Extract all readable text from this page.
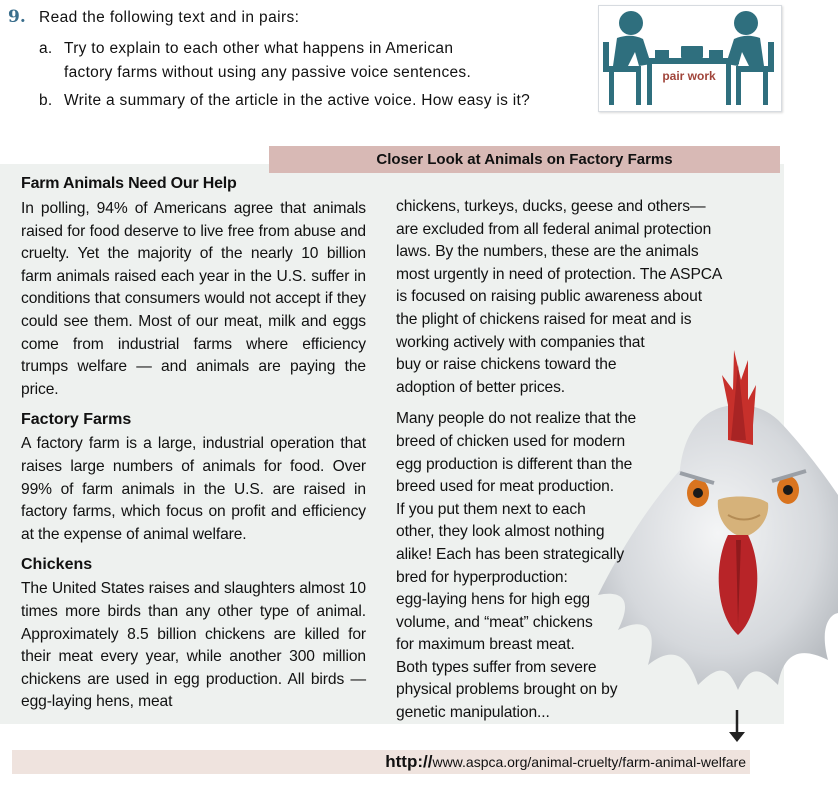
9. Read the following text and in pairs:
a. Try to explain to each other what happens in American
factory farms without using any passive voice sentences.
b. Write a summary of the article in the active voice. How easy is it?
pair work
Closer Look at Animals on Factory Farms
Farm Animals Need Our Help
In polling, 94% of Americans agree that animals raised for food deserve to live free from abuse and cruelty. Yet the majority of the nearly 10 billion farm animals raised each year in the U.S. suffer in conditions that consumers would not accept if they could see them. Most of our meat, milk and eggs come from industrial farms where efficiency trumps welfare — and animals are paying the price.
Factory Farms
A factory farm is a large, industrial operation that raises large numbers of animals for food. Over 99% of farm animals in the U.S. are raised in factory farms, which focus on profit and efficiency at the expense of animal welfare.
Chickens
The United States raises and slaughters almost 10 times more birds than any other type of animal. Approximately 8.5 billion chickens are killed for their meat every year, while another 300 million chickens are used in egg production. All birds —egg-laying hens, meat
chickens, turkeys, ducks, geese and others—
are excluded from all federal animal protection
laws. By the numbers, these are the animals
most urgently in need of protection. The ASPCA
is focused on raising public awareness about
the plight of chickens raised for meat and is
working actively with companies that
buy or raise chickens toward the
adoption of better prices.
Many people do not realize that the
breed of chicken used for modern
egg production is different than the
breed used for meat production.
If you put them next to each
other, they look almost nothing
alike! Each has been strategically
bred for hyperproduction:
egg-laying hens for high egg
volume, and “meat” chickens
for maximum breast meat.
Both types suffer from severe
physical problems brought on by
genetic manipulation...
http://www.aspca.org/animal-cruelty/farm-animal-welfare
